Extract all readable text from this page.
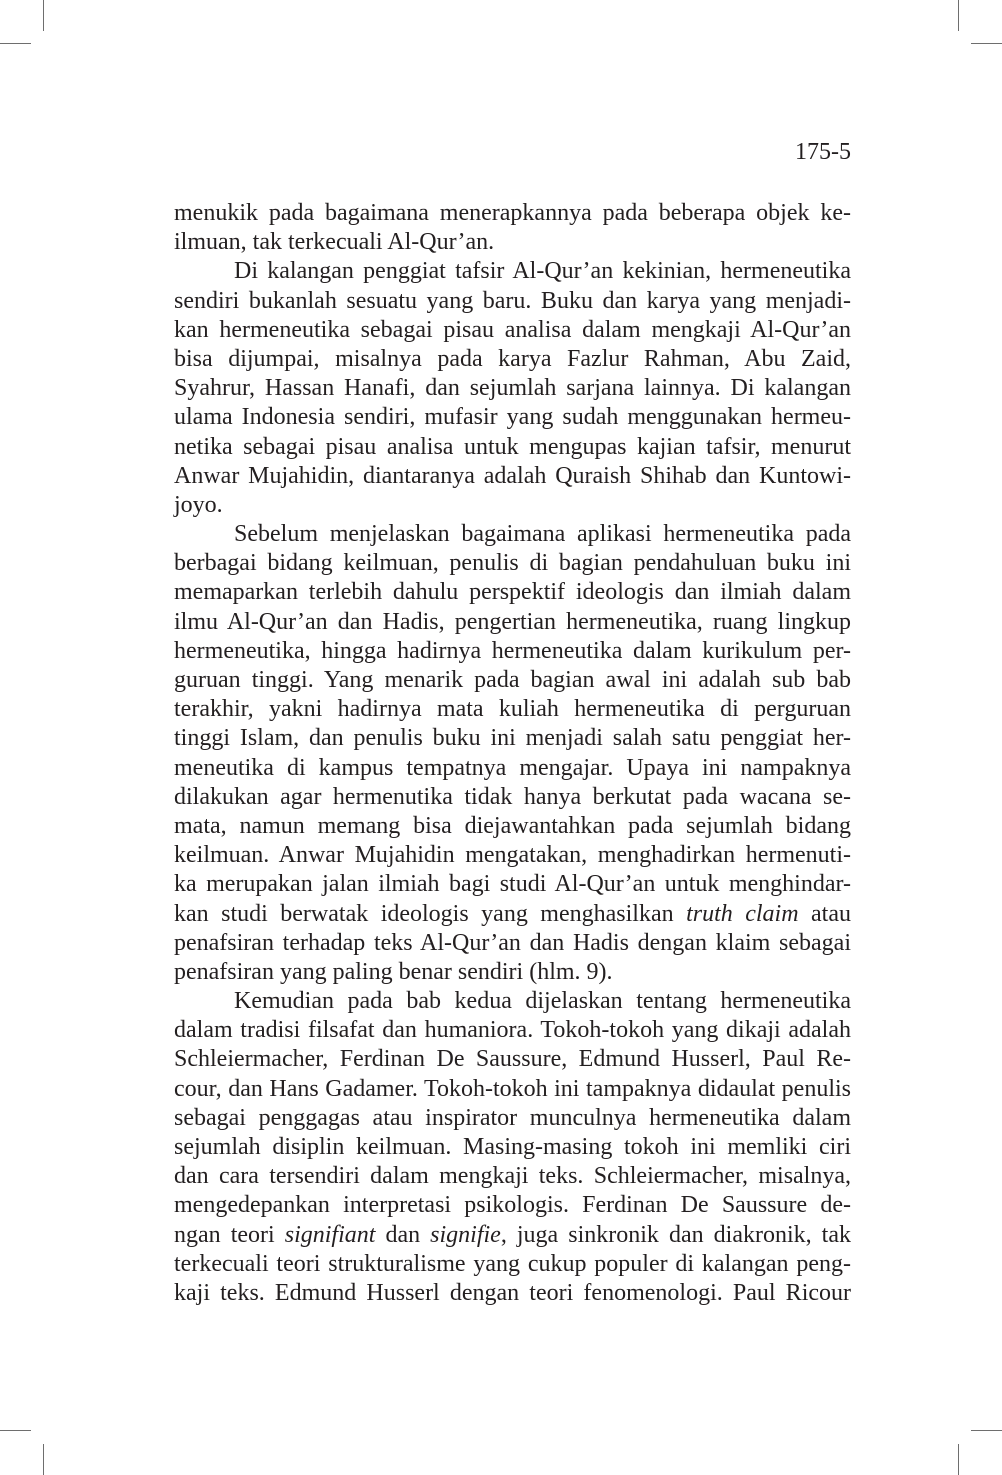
175-5
menukik pada bagaimana menerapkannya pada beberapa objek ke-
ilmuan, tak terkecuali Al-Qur’an.
Di kalangan penggiat tafsir Al-Qur’an kekinian, hermeneutika
sendiri bukanlah sesuatu yang baru. Buku dan karya yang menjadi-
kan hermeneutika sebagai pisau analisa dalam mengkaji Al-Qur’an
bisa dijumpai, misalnya pada karya Fazlur Rahman, Abu Zaid,
Syahrur, Hassan Hanafi, dan sejumlah sarjana lainnya. Di kalangan
ulama Indonesia sendiri, mufasir yang sudah menggunakan hermeu-
netika sebagai pisau analisa untuk mengupas kajian tafsir, menurut
Anwar Mujahidin, diantaranya adalah Quraish Shihab dan Kuntowi-
joyo.
Sebelum menjelaskan bagaimana aplikasi hermeneutika pada
berbagai bidang keilmuan, penulis di bagian pendahuluan buku ini
memaparkan terlebih dahulu perspektif ideologis dan ilmiah dalam
ilmu Al-Qur’an dan Hadis, pengertian hermeneutika, ruang lingkup
hermeneutika, hingga hadirnya hermeneutika dalam kurikulum per-
guruan tinggi. Yang menarik pada bagian awal ini adalah sub bab
terakhir, yakni hadirnya mata kuliah hermeneutika di perguruan
tinggi Islam, dan penulis buku ini menjadi salah satu penggiat her-
meneutika di kampus tempatnya mengajar. Upaya ini nampaknya
dilakukan agar hermenutika tidak hanya berkutat pada wacana se-
mata, namun memang bisa diejawantahkan pada sejumlah bidang
keilmuan. Anwar Mujahidin mengatakan, menghadirkan hermenuti-
ka merupakan jalan ilmiah bagi studi Al-Qur’an untuk menghindar-
kan studi berwatak ideologis yang menghasilkan truth claim atau
penafsiran terhadap teks Al-Qur’an dan Hadis dengan klaim sebagai
penafsiran yang paling benar sendiri (hlm. 9).
Kemudian pada bab kedua dijelaskan tentang hermeneutika
dalam tradisi filsafat dan humaniora. Tokoh-tokoh yang dikaji adalah
Schleiermacher, Ferdinan De Saussure, Edmund Husserl, Paul Re-
cour, dan Hans Gadamer. Tokoh-tokoh ini tampaknya didaulat penulis
sebagai penggagas atau inspirator munculnya hermeneutika dalam
sejumlah disiplin keilmuan. Masing-masing tokoh ini memliki ciri
dan cara tersendiri dalam mengkaji teks. Schleiermacher, misalnya,
mengedepankan interpretasi psikologis. Ferdinan De Saussure de-
ngan teori signifiant dan signifie, juga sinkronik dan diakronik, tak
terkecuali teori strukturalisme yang cukup populer di kalangan peng-
kaji teks. Edmund Husserl dengan teori fenomenologi. Paul Ricour
